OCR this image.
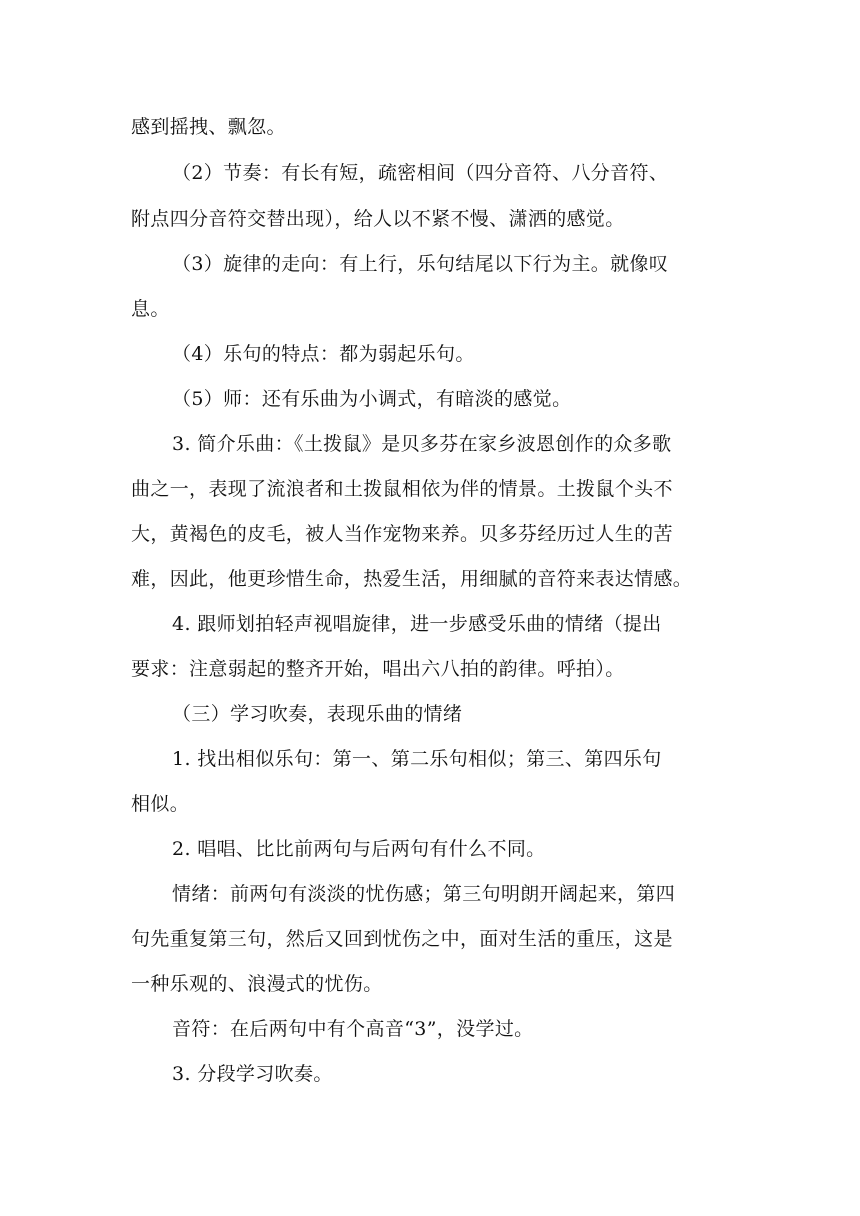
感到摇拽、飘忽。
（2）节奏：有长有短，疏密相间（四分音符、八分音符、
附点四分音符交替出现），给人以不紧不慢、潇洒的感觉。
（3）旋律的走向：有上行，乐句结尾以下行为主。就像叹
息。
（4）乐句的特点：都为弱起乐句。
（5）师：还有乐曲为小调式，有暗淡的感觉。
3. 简介乐曲：《土拨鼠》是贝多芬在家乡波恩创作的众多歌
曲之一，表现了流浪者和土拨鼠相依为伴的情景。土拨鼠个头不
大，黄褐色的皮毛，被人当作宠物来养。贝多芬经历过人生的苦
难，因此，他更珍惜生命，热爱生活，用细腻的音符来表达情感。
4. 跟师划拍轻声视唱旋律，进一步感受乐曲的情绪（提出
要求：注意弱起的整齐开始，唱出六八拍的韵律。呼拍）。
（三）学习吹奏，表现乐曲的情绪
1. 找出相似乐句：第一、第二乐句相似；第三、第四乐句
相似。
2. 唱唱、比比前两句与后两句有什么不同。
情绪：前两句有淡淡的忧伤感；第三句明朗开阔起来，第四
句先重复第三句，然后又回到忧伤之中，面对生活的重压，这是
一种乐观的、浪漫式的忧伤。
音符：在后两句中有个高音“3”，没学过。
3. 分段学习吹奏。
